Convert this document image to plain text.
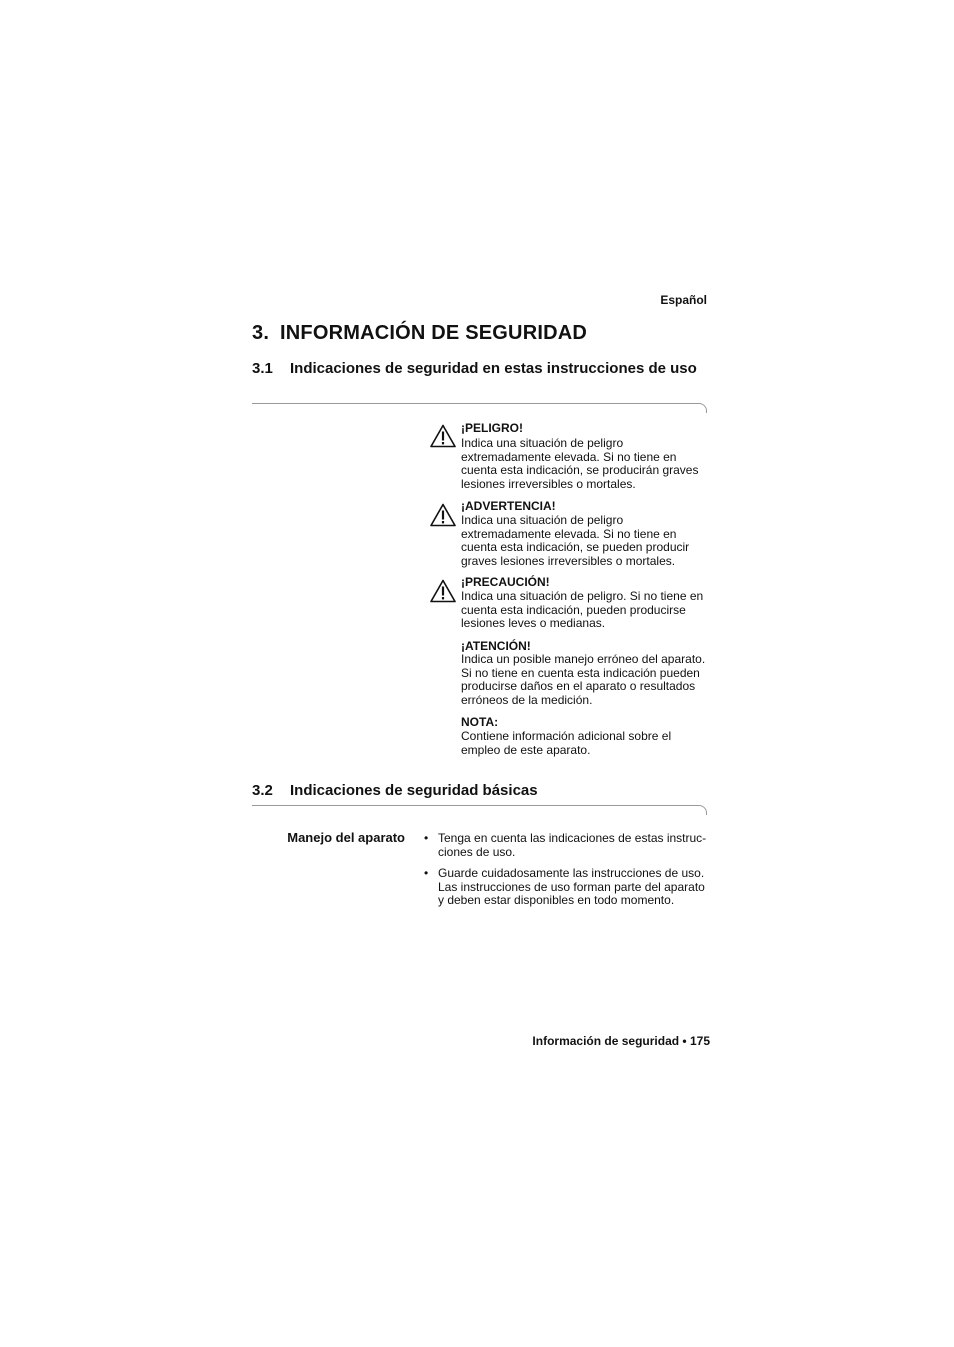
Español
3. INFORMACIÓN DE SEGURIDAD
3.1 Indicaciones de seguridad en estas instrucciones de uso
¡PELIGRO!
Indica una situación de peligro extremadamente elevada. Si no tiene en cuenta esta indicación, se producirán graves lesiones irreversibles o mortales.
¡ADVERTENCIA!
Indica una situación de peligro extremadamente elevada. Si no tiene en cuenta esta indicación, se pueden producir graves lesiones irreversibles o mortales.
¡PRECAUCIÓN!
Indica una situación de peligro. Si no tiene en cuenta esta indicación, pueden producirse lesiones leves o medianas.
¡ATENCIÓN!
Indica un posible manejo erróneo del aparato. Si no tiene en cuenta esta indicación pueden producirse daños en el aparato o resultados erróneos de la medición.
NOTA:
Contiene información adicional sobre el empleo de este aparato.
3.2 Indicaciones de seguridad básicas
Manejo del aparato • Tenga en cuenta las indicaciones de estas instruc-ciones de uso.
• Guarde cuidadosamente las instrucciones de uso. Las instrucciones de uso forman parte del aparato y deben estar disponibles en todo momento.
Información de seguridad • 175
